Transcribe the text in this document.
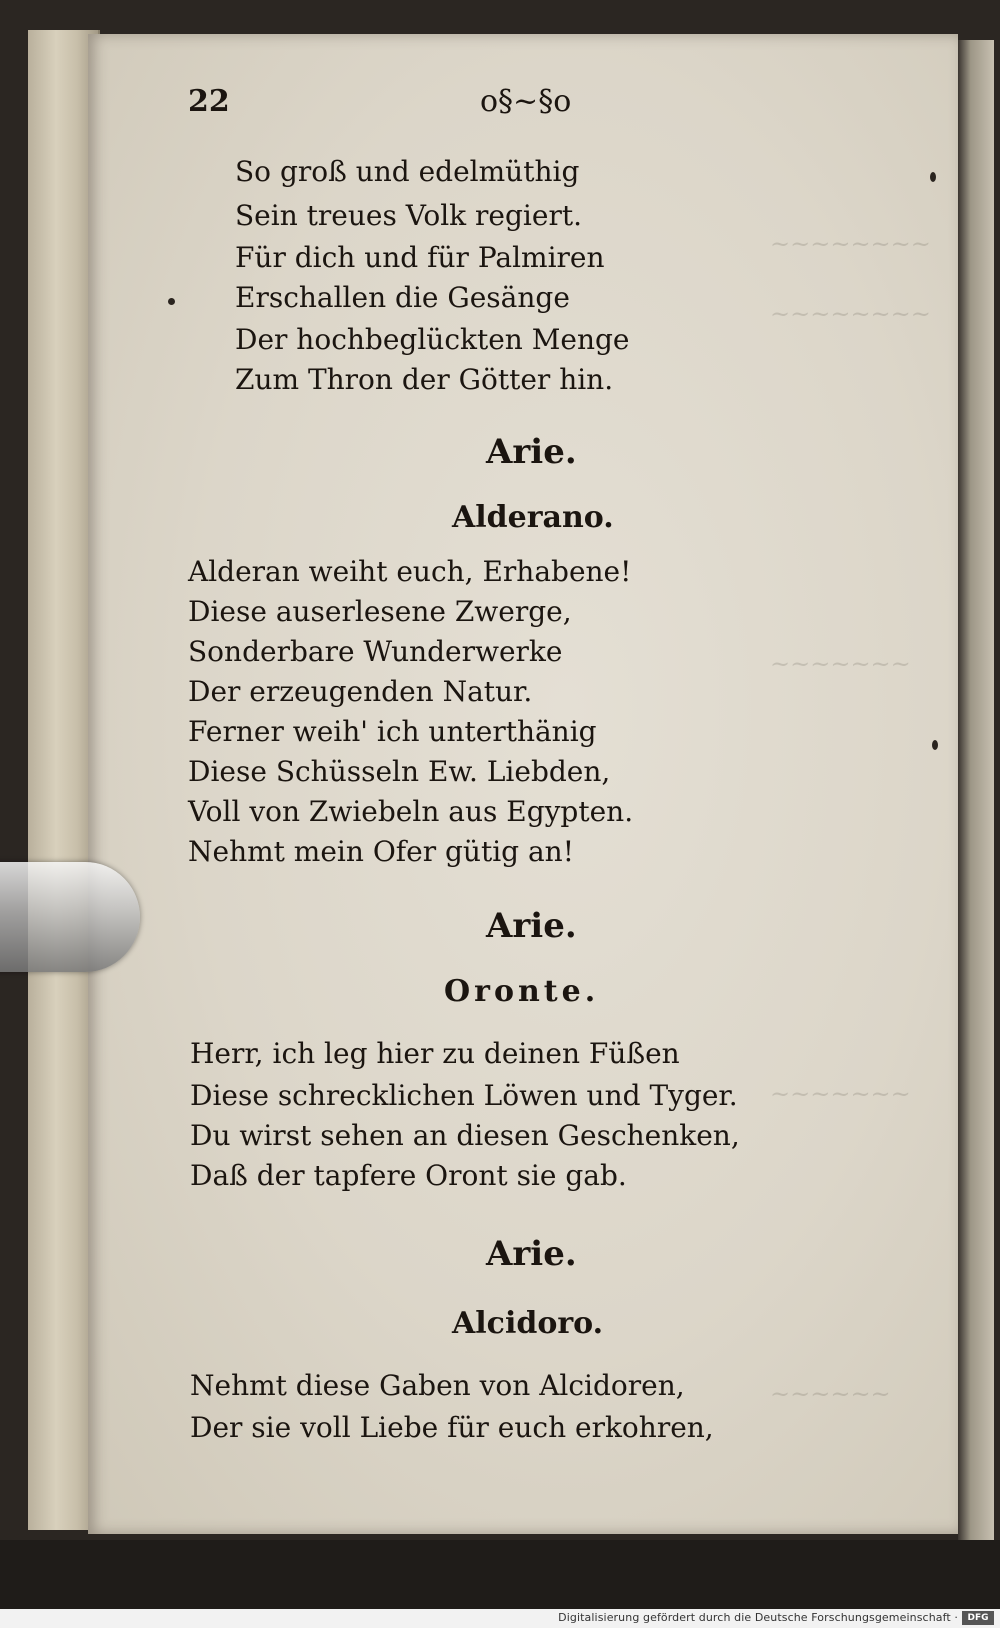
~~~~~~~~
~~~~~~~~
~~~~~~~
~~~~~~~
~~~~~~
22	o§~§o
So groß und edelmüthig
Sein treues Volk regiert.
Für dich und für Palmiren
Erschallen die Gesänge
Der hochbeglückten Menge
Zum Thron der Götter hin.
Arie.
Alderano.
Alderan weiht euch, Erhabene!
Diese auserlesene Zwerge,
Sonderbare Wunderwerke
Der erzeugenden Natur.
Ferner weih' ich unterthänig
Diese Schüsseln Ew. Liebden,
Voll von Zwiebeln aus Egypten.
Nehmt mein Ofer gütig an!
Arie.
Oronte.
Herr, ich leg hier zu deinen Füßen
Diese schrecklichen Löwen und Tyger.
Du wirst sehen an diesen Geschenken,
Daß der tapfere Oront sie gab.
Arie.
Alcidoro.
Nehmt diese Gaben von Alcidoren,
Der sie voll Liebe für euch erkohren,
Digitalisierung gefördert durch die Deutsche Forschungsgemeinschaft ·	DFG
